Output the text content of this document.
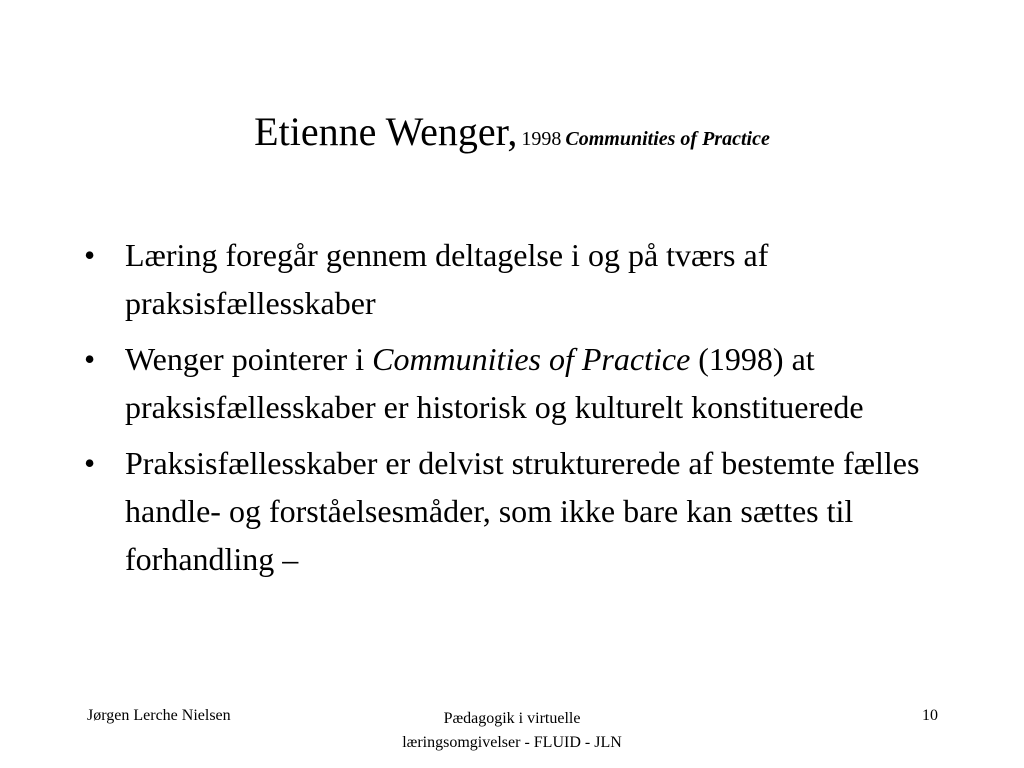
Etienne Wenger, 1998 Communities of Practice
• Læring foregår gennem deltagelse i og på tværs af praksisfællesskaber
• Wenger pointerer i Communities of Practice (1998) at praksisfællesskaber er historisk og kulturelt konstituerede
• Praksisfællesskaber er delvist strukturerede af bestemte fælles handle- og forståelsesmåder, som ikke bare kan sættes til forhandling –
Jørgen Lerche Nielsen	Pædagogik i virtuelle
læringsomgivelser - FLUID - JLN
10
